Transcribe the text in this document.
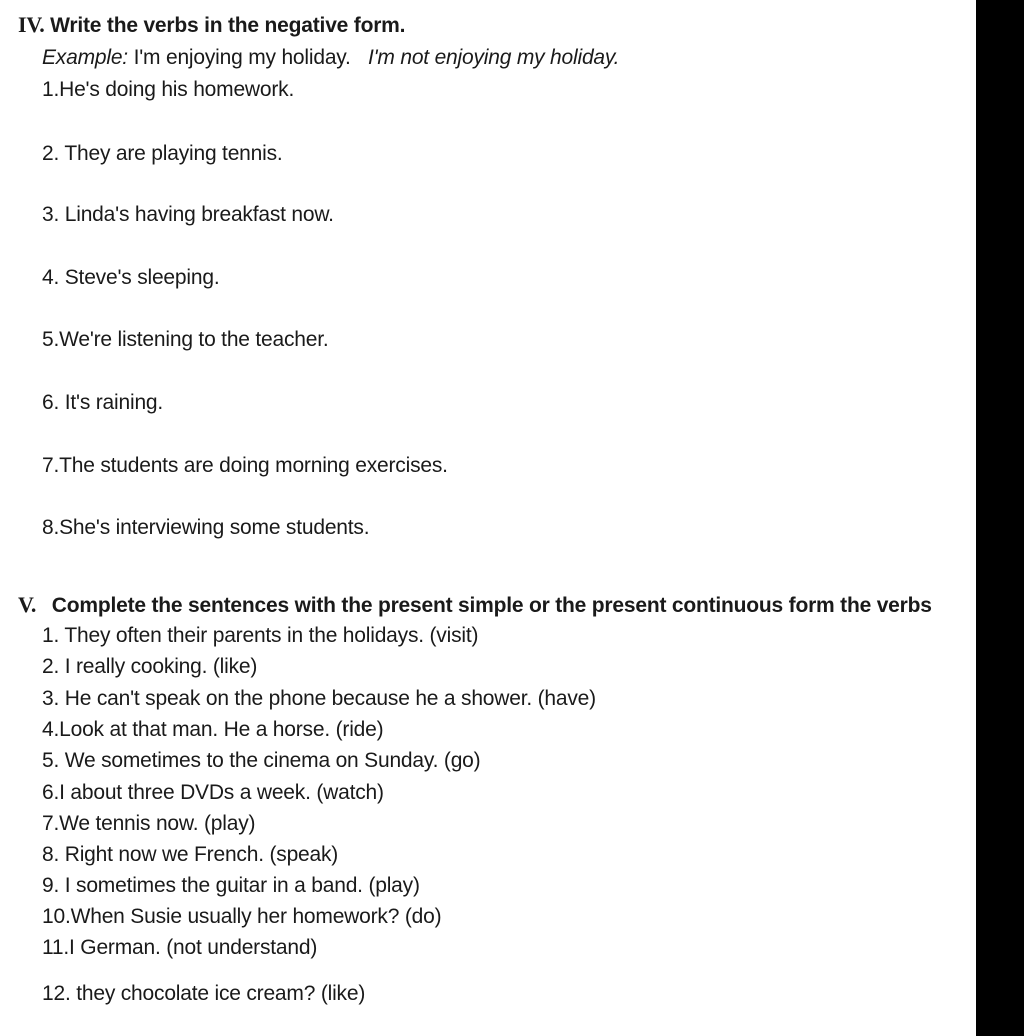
IV. Write the verbs in the negative form.
Example: I'm enjoying my holiday. I'm not enjoying my holiday.
1.He's doing his homework.
2. They are playing tennis.
3. Linda's having breakfast now.
4. Steve's sleeping.
5.We're listening to the teacher.
6. It's raining.
7.The students are doing morning exercises.
8.She's interviewing some students.
V. Complete the sentences with the present simple or the present continuous form the verbs
1. They often their parents in the holidays. (visit)
2. I really cooking. (like)
3. He can't speak on the phone because he a shower. (have)
4.Look at that man. He a horse. (ride)
5. We sometimes to the cinema on Sunday. (go)
6.I about three DVDs a week. (watch)
7.We tennis now. (play)
8. Right now we French. (speak)
9. I sometimes the guitar in a band. (play)
10.When Susie usually her homework? (do)
11.I German. (not understand)
12. they chocolate ice cream? (like)
